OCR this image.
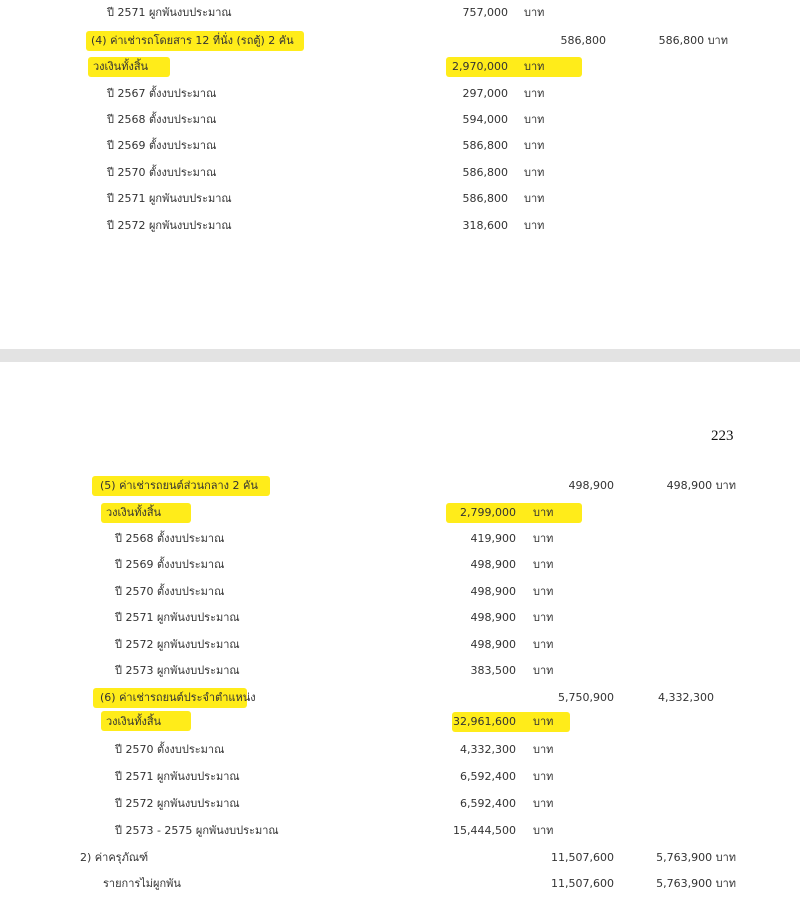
ปี 2571 ผูกพันงบประมาณ	757,000 บาท
(4) ค่าเช่ารถโดยสาร 12 ที่นั่ง (รถตู้) 2 คัน	586,800	586,800 บาท
วงเงินทั้งสิ้น	2,970,000 บาท
ปี 2567 ตั้งงบประมาณ	297,000 บาท
ปี 2568 ตั้งงบประมาณ	594,000 บาท
ปี 2569 ตั้งงบประมาณ	586,800 บาท
ปี 2570 ตั้งงบประมาณ	586,800 บาท
ปี 2571 ผูกพันงบประมาณ	586,800 บาท
ปี 2572 ผูกพันงบประมาณ	318,600 บาท
223
(5) ค่าเช่ารถยนต์ส่วนกลาง 2 คัน	498,900	498,900 บาท
วงเงินทั้งสิ้น	2,799,000 บาท
ปี 2568 ตั้งงบประมาณ	419,900 บาท
ปี 2569 ตั้งงบประมาณ	498,900 บาท
ปี 2570 ตั้งงบประมาณ	498,900 บาท
ปี 2571 ผูกพันงบประมาณ	498,900 บาท
ปี 2572 ผูกพันงบประมาณ	498,900 บาท
ปี 2573 ผูกพันงบประมาณ	383,500 บาท
(6) ค่าเช่ารถยนต์ประจำตำแหน่ง	5,750,900	4,332,300
วงเงินทั้งสิ้น	32,961,600 บาท
ปี 2570 ตั้งงบประมาณ	4,332,300 บาท
ปี 2571 ผูกพันงบประมาณ	6,592,400 บาท
ปี 2572 ผูกพันงบประมาณ	6,592,400 บาท
ปี 2573 - 2575 ผูกพันงบประมาณ	15,444,500 บาท
2) ค่าครุภัณฑ์	11,507,600	5,763,900 บาท
รายการไม่ผูกพัน	11,507,600	5,763,900 บาท
